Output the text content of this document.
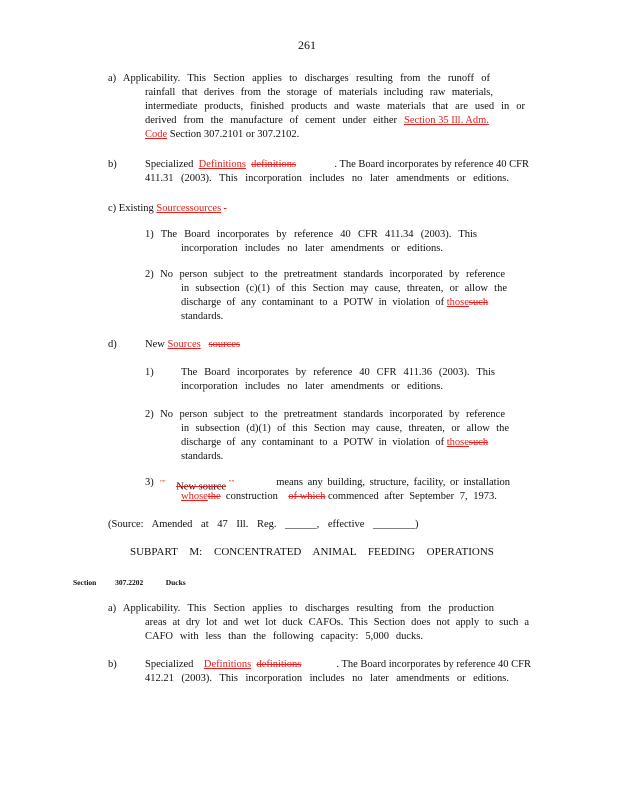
261
a) Applicability. This Section applies to discharges resulting from the runoff of
rainfall that derives from the storage of materials including raw materials,
intermediate products, finished products and waste materials that are used in or
derived from the manufacture of cement under either Section 35 Ill. Adm.
Code Section 307.2101 or 307.2102.
b)	Specialized Definitions definitions	. The Board incorporates by reference 40 CFR
411.31 (2003). This incorporation includes no later amendments or editions.
c) Existing Sourcessources
1) The Board incorporates by reference 40 CFR 411.34 (2003). This
incorporation includes no later amendments or editions.
2) No person subject to the pretreatment standards incorporated by reference
in subsection (c)(1) of this Section may cause, threaten, or allow the
discharge of any contaminant to a POTW in violation of thosesuch
standards.
d)	New Sources sources
1)	The Board incorporates by reference 40 CFR 411.36 (2003). This
incorporation includes no later amendments or editions.
2) No person subject to the pretreatment standards incorporated by reference
in subsection (d)(1) of this Section may cause, threaten, or allow the
discharge of any contaminant to a POTW in violation of thosesuch
standards.
3) "" New source ""	means any building, structure, facility, or installation
whosethe construction of which commenced after September 7, 1973.
(Source: Amended at 47 Ill. Reg. ______, effective ________)
SUBPART M: CONCENTRATED ANIMAL FEEDING OPERATIONS
Section	307.2202	Ducks
a) Applicability. This Section applies to discharges resulting from the production
areas at dry lot and wet lot duck CAFOs. This Section does not apply to such a
CAFO with less than the following capacity: 5,000 ducks.
b)	Specialized Definitions definitions	. The Board incorporates by reference 40 CFR
412.21 (2003). This incorporation includes no later amendments or editions.
